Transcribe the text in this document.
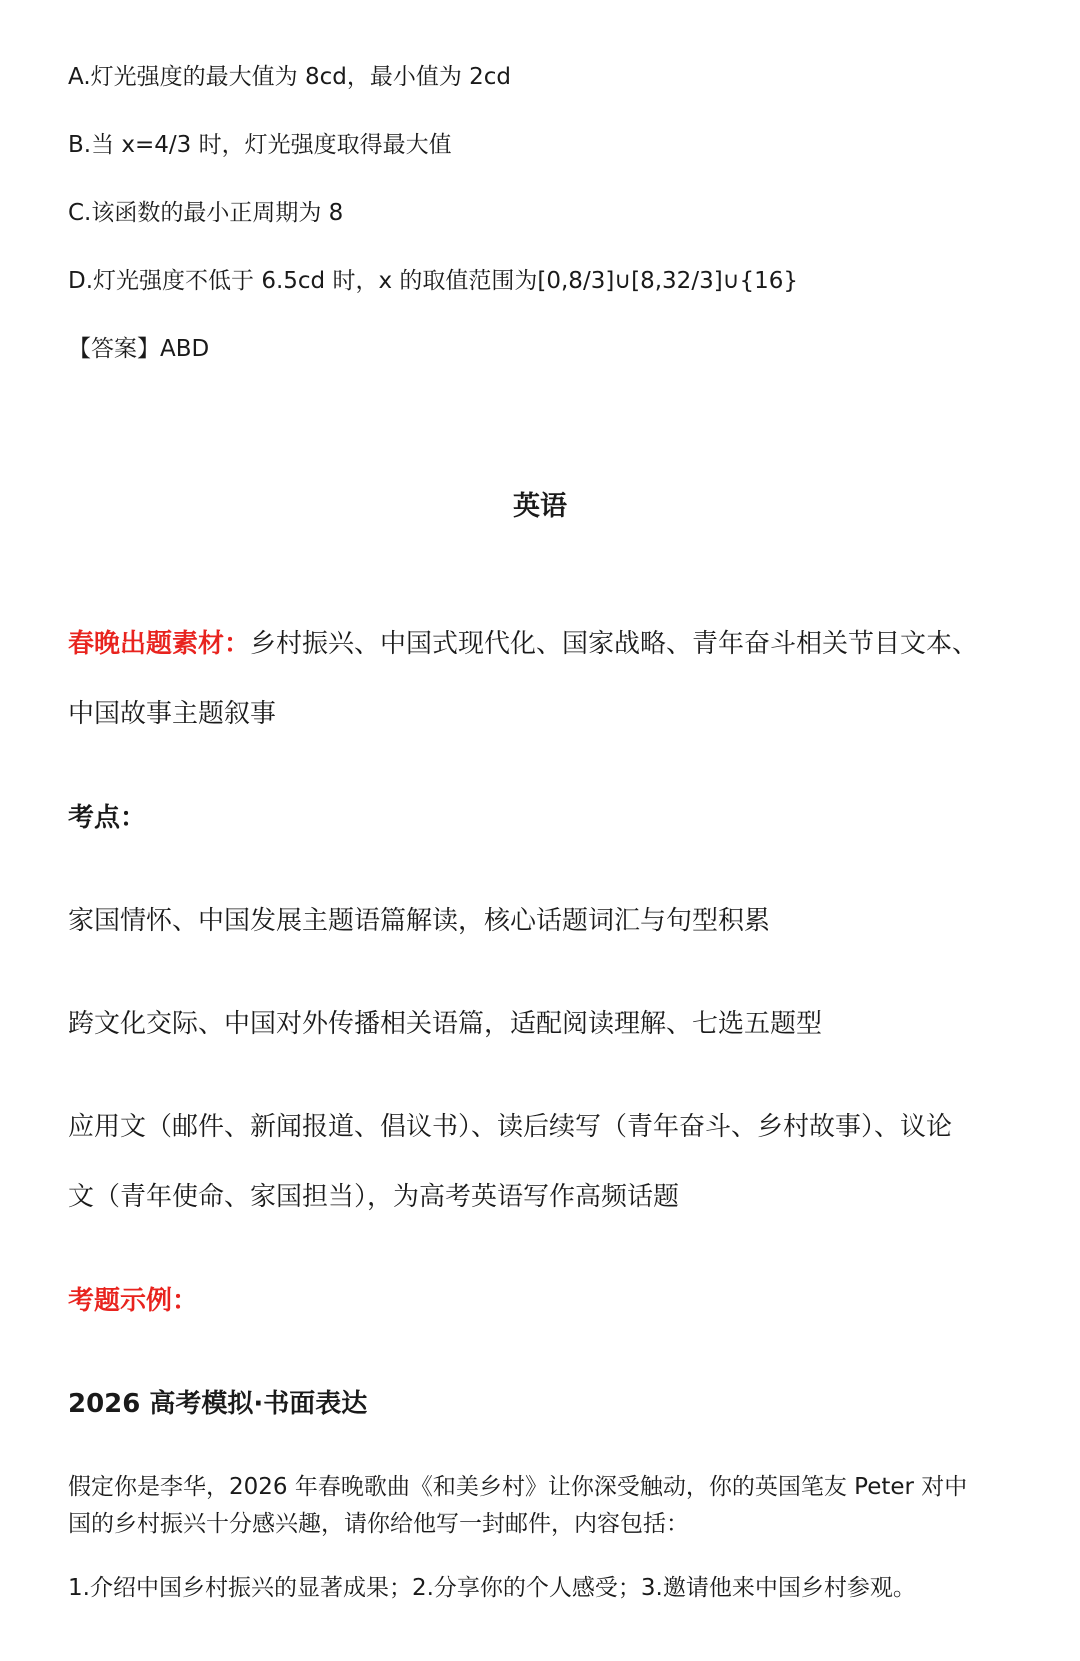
A.灯光强度的最大值为 8cd，最小值为 2cd
B.当 x=4/3 时，灯光强度取得最大值
C.该函数的最小正周期为 8
D.灯光强度不低于 6.5cd 时，x 的取值范围为[0,8/3]∪[8,32/3]∪{16}
【答案】ABD
英语
春晚出题素材：乡村振兴、中国式现代化、国家战略、青年奋斗相关节目文本、
中国故事主题叙事
考点：
家国情怀、中国发展主题语篇解读，核心话题词汇与句型积累
跨文化交际、中国对外传播相关语篇，适配阅读理解、七选五题型
应用文（邮件、新闻报道、倡议书）、读后续写（青年奋斗、乡村故事）、议论
文（青年使命、家国担当），为高考英语写作高频话题
考题示例：
2026 高考模拟·书面表达
假定你是李华，2026 年春晚歌曲《和美乡村》让你深受触动，你的英国笔友 Peter 对中
国的乡村振兴十分感兴趣，请你给他写一封邮件，内容包括：
1.介绍中国乡村振兴的显著成果；2.分享你的个人感受；3.邀请他来中国乡村参观。
